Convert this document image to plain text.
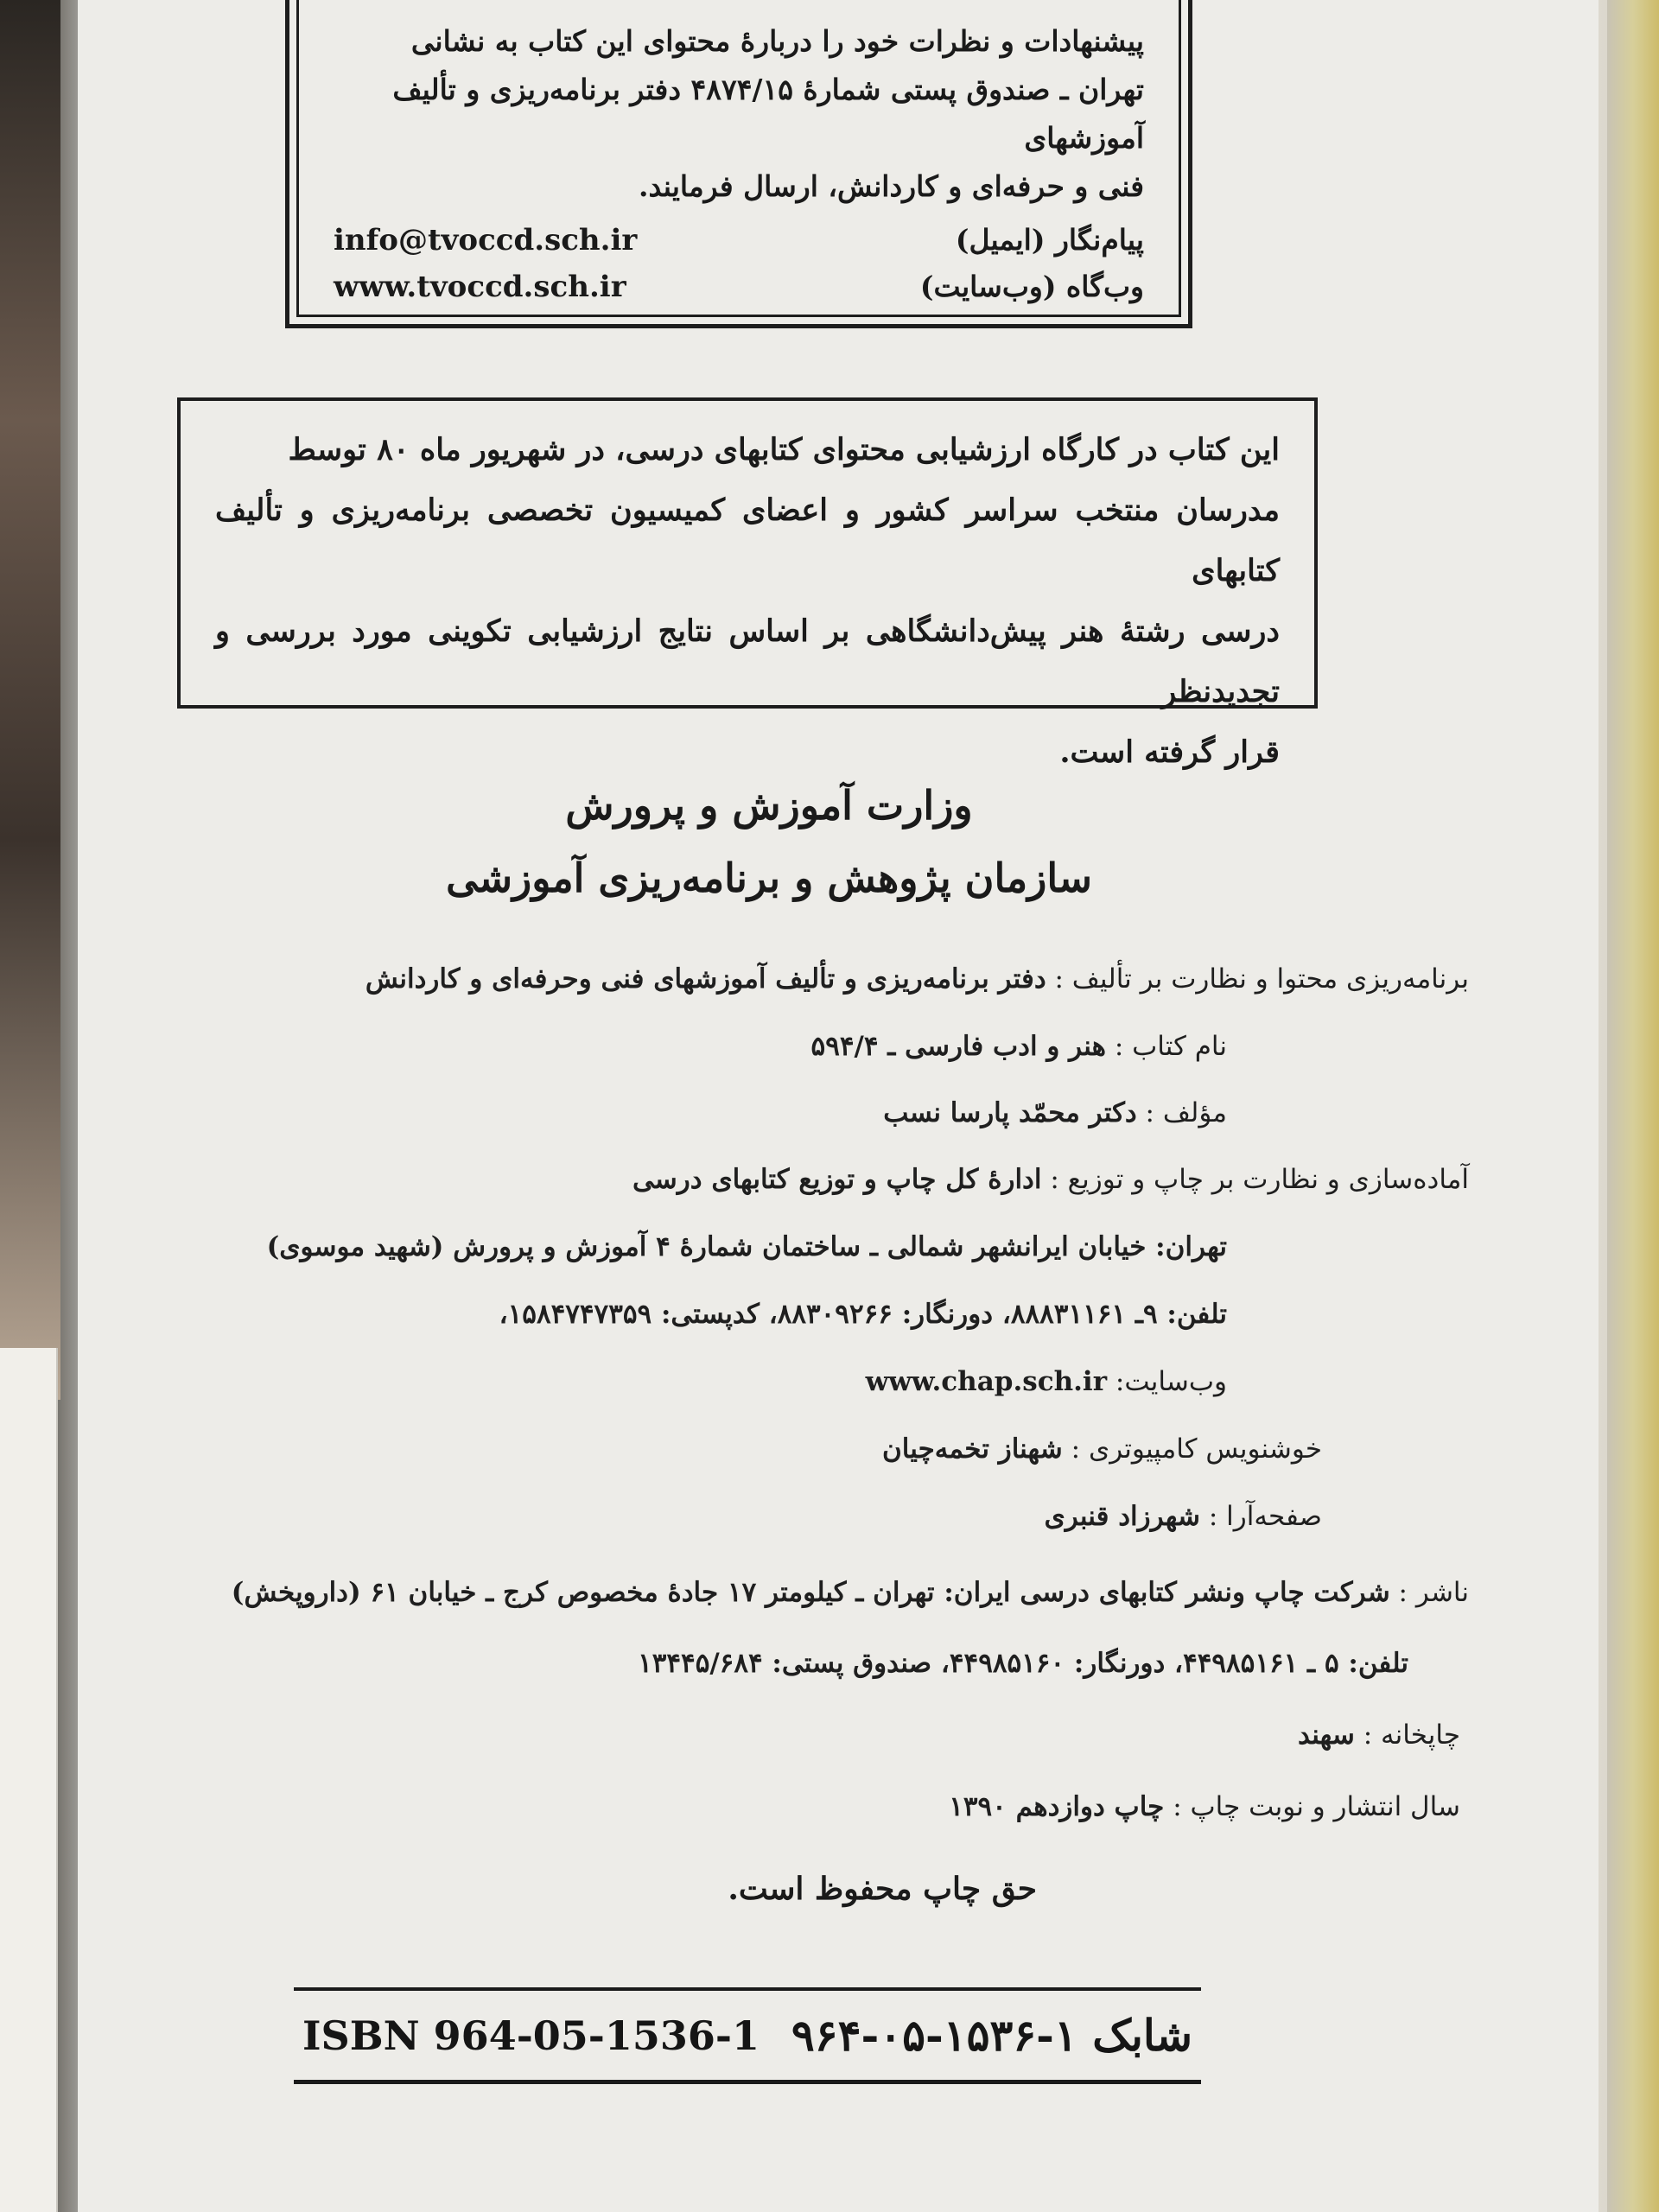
پیشنهادات و نظرات خود را دربارهٔ محتوای این کتاب به نشانی

تهران ـ صندوق پستی شمارهٔ ۴۸۷۴/۱۵ دفتر برنامه‌ریزی و تألیف آموزشهای

فنی و حرفه‌ای و کاردانش، ارسال فرمایند.

پیام‌نگار (ایمیل)
info@tvoccd.sch.ir
وب‌گاه (وب‌سایت)
www.tvoccd.sch.ir

این کتاب در کارگاه ارزشیابی محتوای کتابهای درسی، در شهریور ماه ۸۰ توسط

مدرسان منتخب سراسر کشور و اعضای کمیسیون تخصصی برنامه‌ریزی و تألیف کتابهای

درسی رشتهٔ هنر پیش‌دانشگاهی بر اساس نتایج ارزشیابی تکوینی مورد بررسی و تجدیدنظر

قرار گرفته است.

وزارت آموزش و پرورش
سازمان پژوهش و برنامه‌ریزی آموزشی
برنامه‌ریزی محتوا و نظارت بر تألیف : دفتر برنامه‌ریزی و تألیف آموزشهای فنی وحرفه‌ای و کاردانش
نام کتاب : هنر و ادب فارسی ـ ۵۹۴/۴
مؤلف : دکتر محمّد پارسا نسب
آماده‌سازی و نظارت بر چاپ و توزیع : ادارهٔ کل چاپ و توزیع کتابهای درسی
تهران: خیابان ایرانشهر شمالی ـ ساختمان شمارهٔ ۴ آموزش و پرورش (شهید موسوی)
تلفن: ۹ـ ۸۸۸۳۱۱۶۱، دورنگار: ۸۸۳۰۹۲۶۶، کدپستی: ۱۵۸۴۷۴۷۳۵۹،
وب‌سایت: www.chap.sch.ir
خوشنویس کامپیوتری : شهناز تخمه‌چیان
صفحه‌آرا : شهرزاد قنبری
ناشر : شرکت چاپ ونشر کتابهای درسی ایران: تهران ـ کیلومتر ۱۷ جادهٔ مخصوص کرج ـ خیابان ۶۱ (داروپخش)
تلفن: ۵ ـ ۴۴۹۸۵۱۶۱، دورنگار: ۴۴۹۸۵۱۶۰، صندوق پستی: ۱۳۴۴۵/۶۸۴
چاپخانه : سهند
سال انتشار و نوبت چاپ : چاپ دوازدهم ۱۳۹۰
حق چاپ محفوظ است.
ISBN 964-05-1536-1 شابک ۱-۱۵۳۶-۰۵-۹۶۴
